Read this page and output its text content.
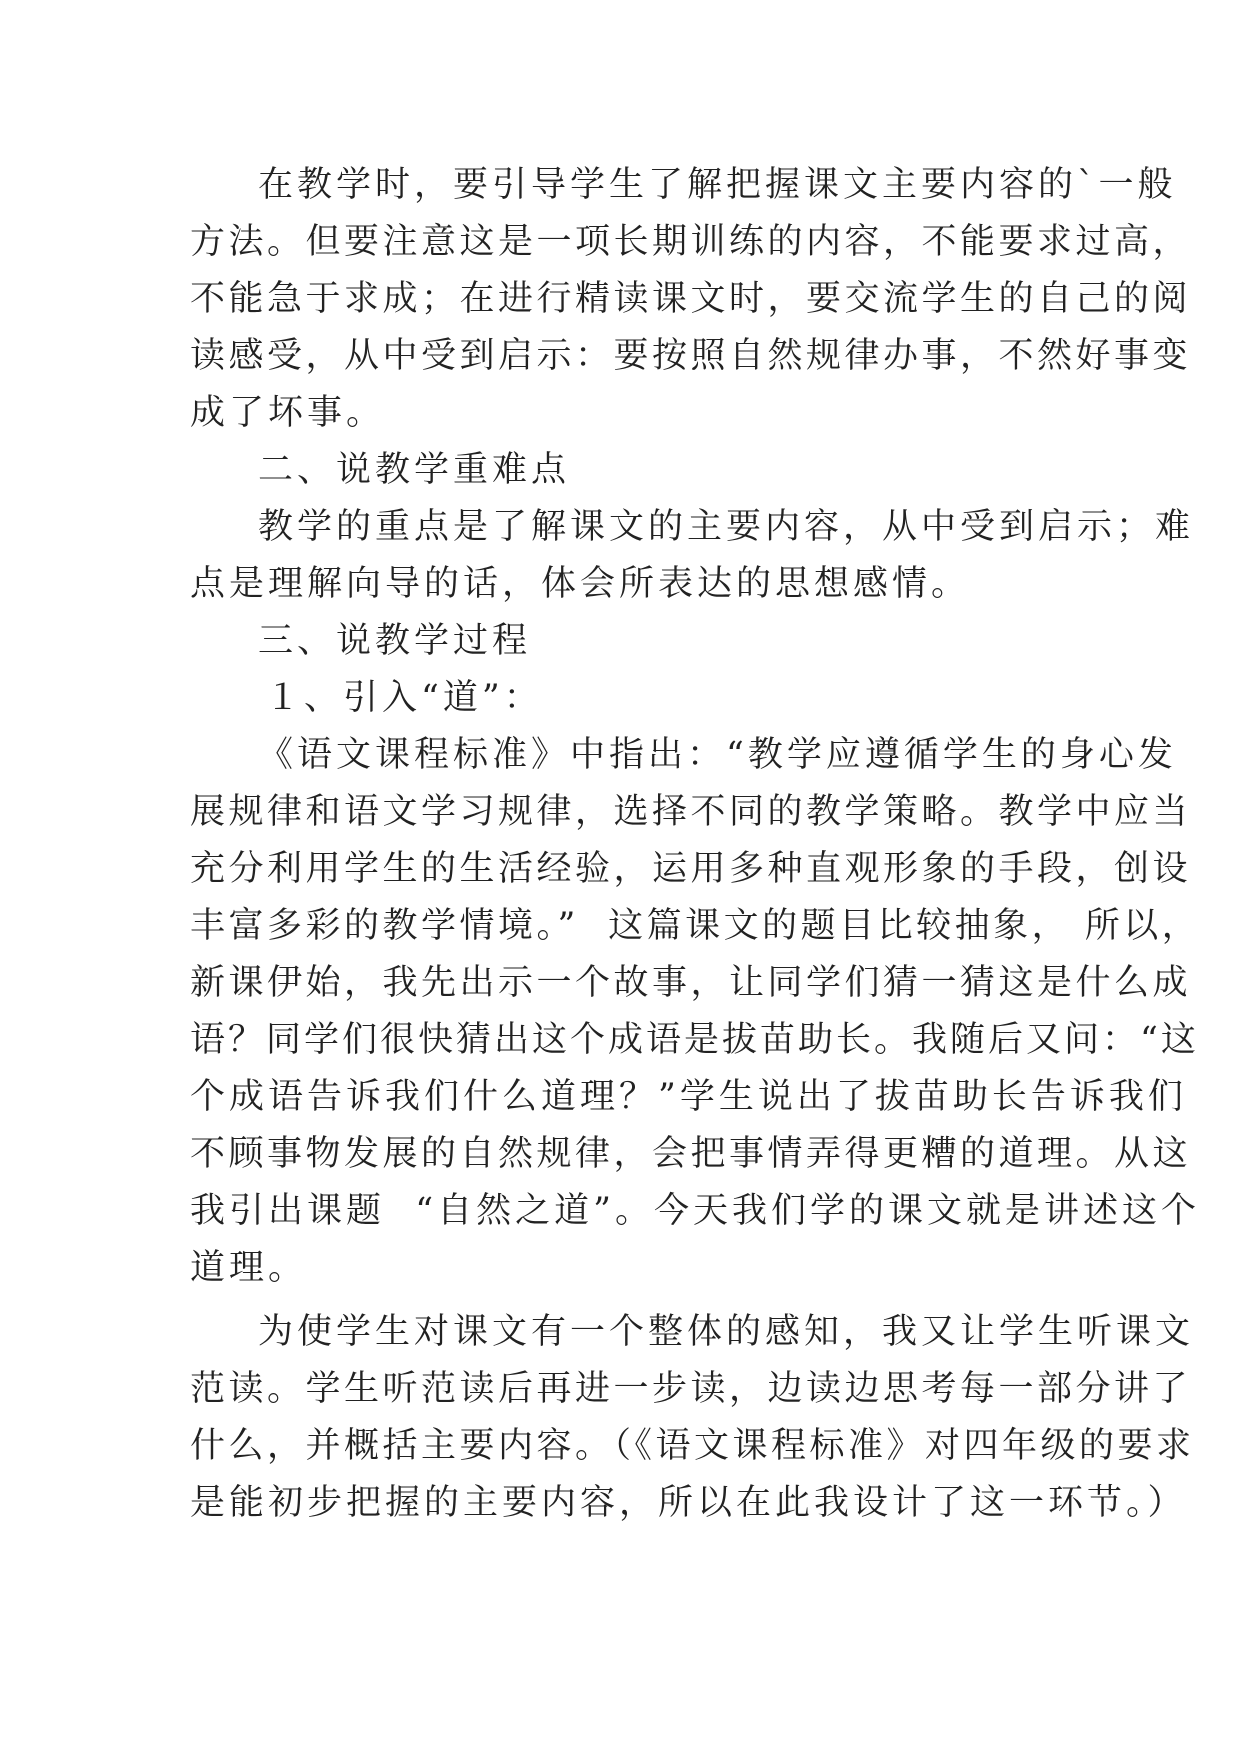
在教学时，要引导学生了解把握课文主要内容的`一般
方法。但要注意这是一项长期训练的内容，不能要求过高，
不能急于求成；在进行精读课文时，要交流学生的自己的阅
读感受，从中受到启示：要按照自然规律办事，不然好事变
成了坏事。
二、说教学重难点
教学的重点是了解课文的主要内容，从中受到启示；难
点是理解向导的话，体会所表达的思想感情。
三、说教学过程
１、引入“道”：
《语文课程标准》中指出：“教学应遵循学生的身心发
展规律和语文学习规律，选择不同的教学策略。教学中应当
充分利用学生的生活经验，运用多种直观形象的手段，创设
丰富多彩的教学情境。”  这篇课文的题目比较抽象， 所以，
新课伊始，我先出示一个故事，让同学们猜一猜这是什么成
语？同学们很快猜出这个成语是拔苗助长。我随后又问：“这
个成语告诉我们什么道理？”学生说出了拔苗助长告诉我们
不顾事物发展的自然规律，会把事情弄得更糟的道理。从这
我引出课题  “自然之道”。今天我们学的课文就是讲述这个
道理。
为使学生对课文有一个整体的感知，我又让学生听课文
范读。学生听范读后再进一步读，边读边思考每一部分讲了
什么，并概括主要内容。（《语文课程标准》对四年级的要求
是能初步把握的主要内容，所以在此我设计了这一环节。）
